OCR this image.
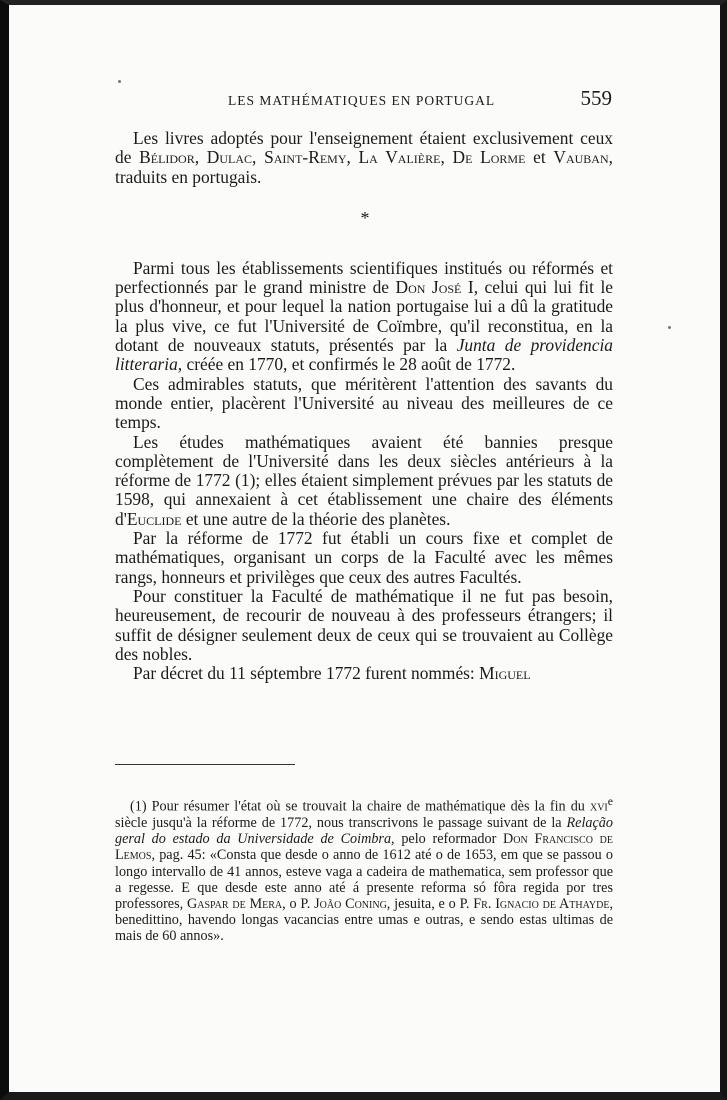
LES MATHÉMATIQUES EN PORTUGAL	559

Les livres adoptés pour l'enseignement étaient exclusivement ceux de Bélidor, Dulac, Saint-Remy, La Valière, De Lorme et Vauban, traduits en portugais.

*

Parmi tous les établissements scientifiques institués ou réformés et perfectionnés par le grand ministre de Don José I, celui qui lui fit le plus d'honneur, et pour lequel la nation portugaise lui a dû la gratitude la plus vive, ce fut l'Université de Coïmbre, qu'il reconstitua, en la dotant de nouveaux statuts, présentés par la Junta de providencia litteraria, créée en 1770, et confirmés le 28 août de 1772.

Ces admirables statuts, que méritèrent l'attention des savants du monde entier, placèrent l'Université au niveau des meilleures de ce temps.

Les études mathématiques avaient été bannies presque complètement de l'Université dans les deux siècles antérieurs à la réforme de 1772 (1); elles étaient simplement prévues par les statuts de 1598, qui annexaient à cet établissement une chaire des éléments d'Euclide et une autre de la théorie des planètes.

Par la réforme de 1772 fut établi un cours fixe et complet de mathématiques, organisant un corps de la Faculté avec les mêmes rangs, honneurs et privilèges que ceux des autres Facultés.

Pour constituer la Faculté de mathématique il ne fut pas besoin, heureusement, de recourir de nouveau à des professeurs étrangers; il suffit de désigner seulement deux de ceux qui se trouvaient au Collège des nobles.

Par décret du 11 séptembre 1772 furent nommés: Miguel

(1) Pour résumer l'état où se trouvait la chaire de mathématique dès la fin du xvi$^e$ siècle jusqu'à la réforme de 1772, nous transcrivons le passage suivant de la Relação geral do estado da Universidade de Coimbra, pelo reformador Don Francisco de Lemos, pag. 45: «Consta que desde o anno de 1612 até o de 1653, em que se passou o longo intervallo de 41 annos, esteve vaga a cadeira de mathematica, sem professor que a regesse. E que desde este anno até á presente reforma só fôra regida por tres professores, Gaspar de Mera, o P. João Coning, jesuita, e o P. Fr. Ignacio de Athayde, benedittino, havendo longas vacancias entre umas e outras, e sendo estas ultimas de mais de 60 annos».
